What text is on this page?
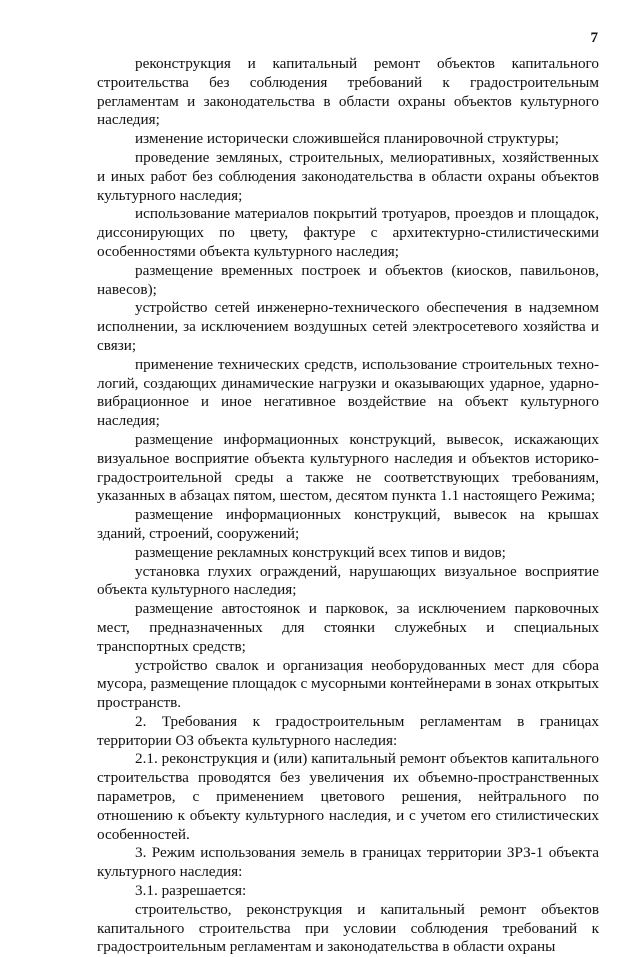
7

реконструкция и капитальный ремонт объектов капитального строительства без соблюдения требований к градостроительным регламентам и законодательства в области охраны объектов культурного наследия;

изменение исторически сложившейся планировочной структуры;

проведение земляных, строительных, мелиоративных, хозяйственных и иных работ без соблюдения законодательства в области охраны объектов культурного наследия;

использование материалов покрытий тротуаров, проездов и площадок, диссонирующих по цвету, фактуре с архитектурно-стилистическими особенностями объекта культурного наследия;

размещение временных построек и объектов (киосков, павильонов, навесов);

устройство сетей инженерно-технического обеспечения в надземном исполнении, за исключением воздушных сетей электросетевого хозяйства и связи;

применение технических средств, использование строительных технологий, создающих динамические нагрузки и оказывающих ударное, ударно-вибрационное и иное негативное воздействие на объект культурного наследия;

размещение информационных конструкций, вывесок, искажающих визуальное восприятие объекта культурного наследия и объектов историко-градостроительной среды а также не соответствующих требованиям, указанных в абзацах пятом, шестом, десятом пункта 1.1 настоящего Режима;

размещение информационных конструкций, вывесок на крышах зданий, строений, сооружений;

размещение рекламных конструкций всех типов и видов;

установка глухих ограждений, нарушающих визуальное восприятие объекта культурного наследия;

размещение автостоянок и парковок, за исключением парковочных мест, предназначенных для стоянки служебных и специальных транспортных средств;

устройство свалок и организация необорудованных мест для сбора мусора, размещение площадок с мусорными контейнерами в зонах открытых пространств.

2. Требования к градостроительным регламентам в границах территории ОЗ объекта культурного наследия:

2.1. реконструкция и (или) капитальный ремонт объектов капитального строительства проводятся без увеличения их объемно-пространственных параметров, с применением цветового решения, нейтрального по отношению к объекту культурного наследия, и с учетом его стилистических особенностей.

3. Режим использования земель в границах территории ЗРЗ-1 объекта культурного наследия:

3.1. разрешается:

строительство, реконструкция и капитальный ремонт объектов капитального строительства при условии соблюдения требований к градостроительным регламентам и законодательства в области охраны
